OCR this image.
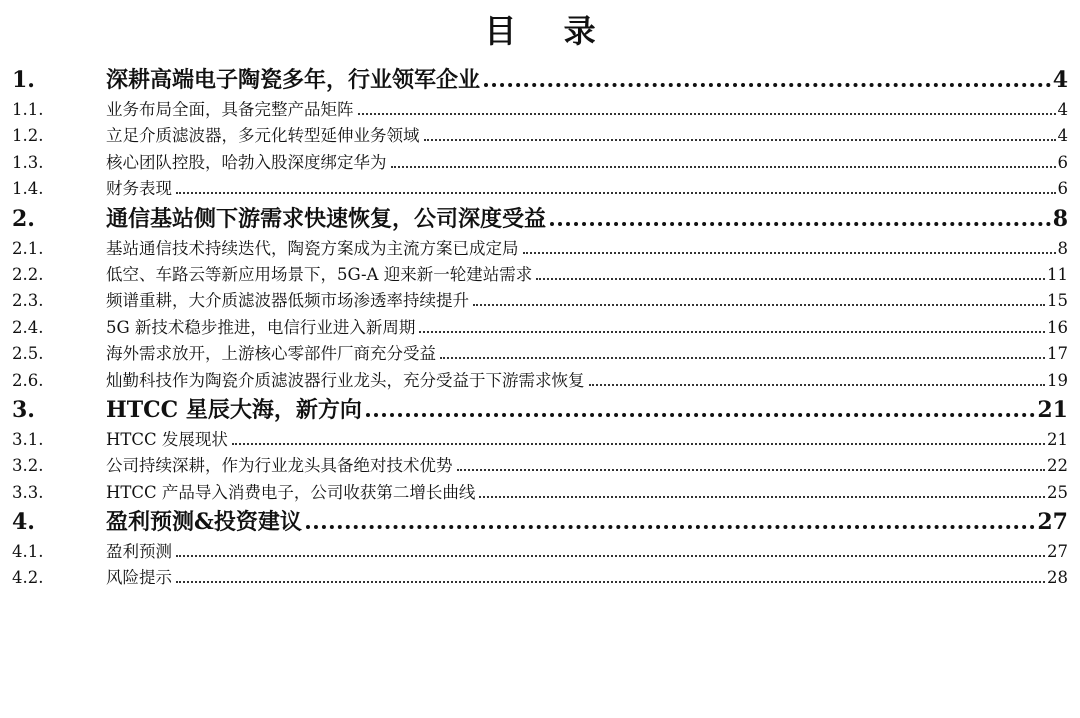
目 录
1.	深耕高端电子陶瓷多年，行业领军企业	4
1.1.	业务布局全面，具备完整产品矩阵	4
1.2.	立足介质滤波器，多元化转型延伸业务领域	4
1.3.	核心团队控股，哈勃入股深度绑定华为	6
1.4.	财务表现	6
2.	通信基站侧下游需求快速恢复，公司深度受益	8
2.1.	基站通信技术持续迭代，陶瓷方案成为主流方案已成定局	8
2.2.	低空、车路云等新应用场景下，5G-A 迎来新一轮建站需求	11
2.3.	频谱重耕，大介质滤波器低频市场渗透率持续提升	15
2.4.	5G 新技术稳步推进，电信行业进入新周期	16
2.5.	海外需求放开，上游核心零部件厂商充分受益	17
2.6.	灿勤科技作为陶瓷介质滤波器行业龙头，充分受益于下游需求恢复	19
3.	HTCC 星辰大海，新方向	21
3.1.	HTCC 发展现状	21
3.2.	公司持续深耕，作为行业龙头具备绝对技术优势	22
3.3.	HTCC 产品导入消费电子，公司收获第二增长曲线	25
4.	盈利预测&投资建议	27
4.1.	盈利预测	27
4.2.	风险提示	28
